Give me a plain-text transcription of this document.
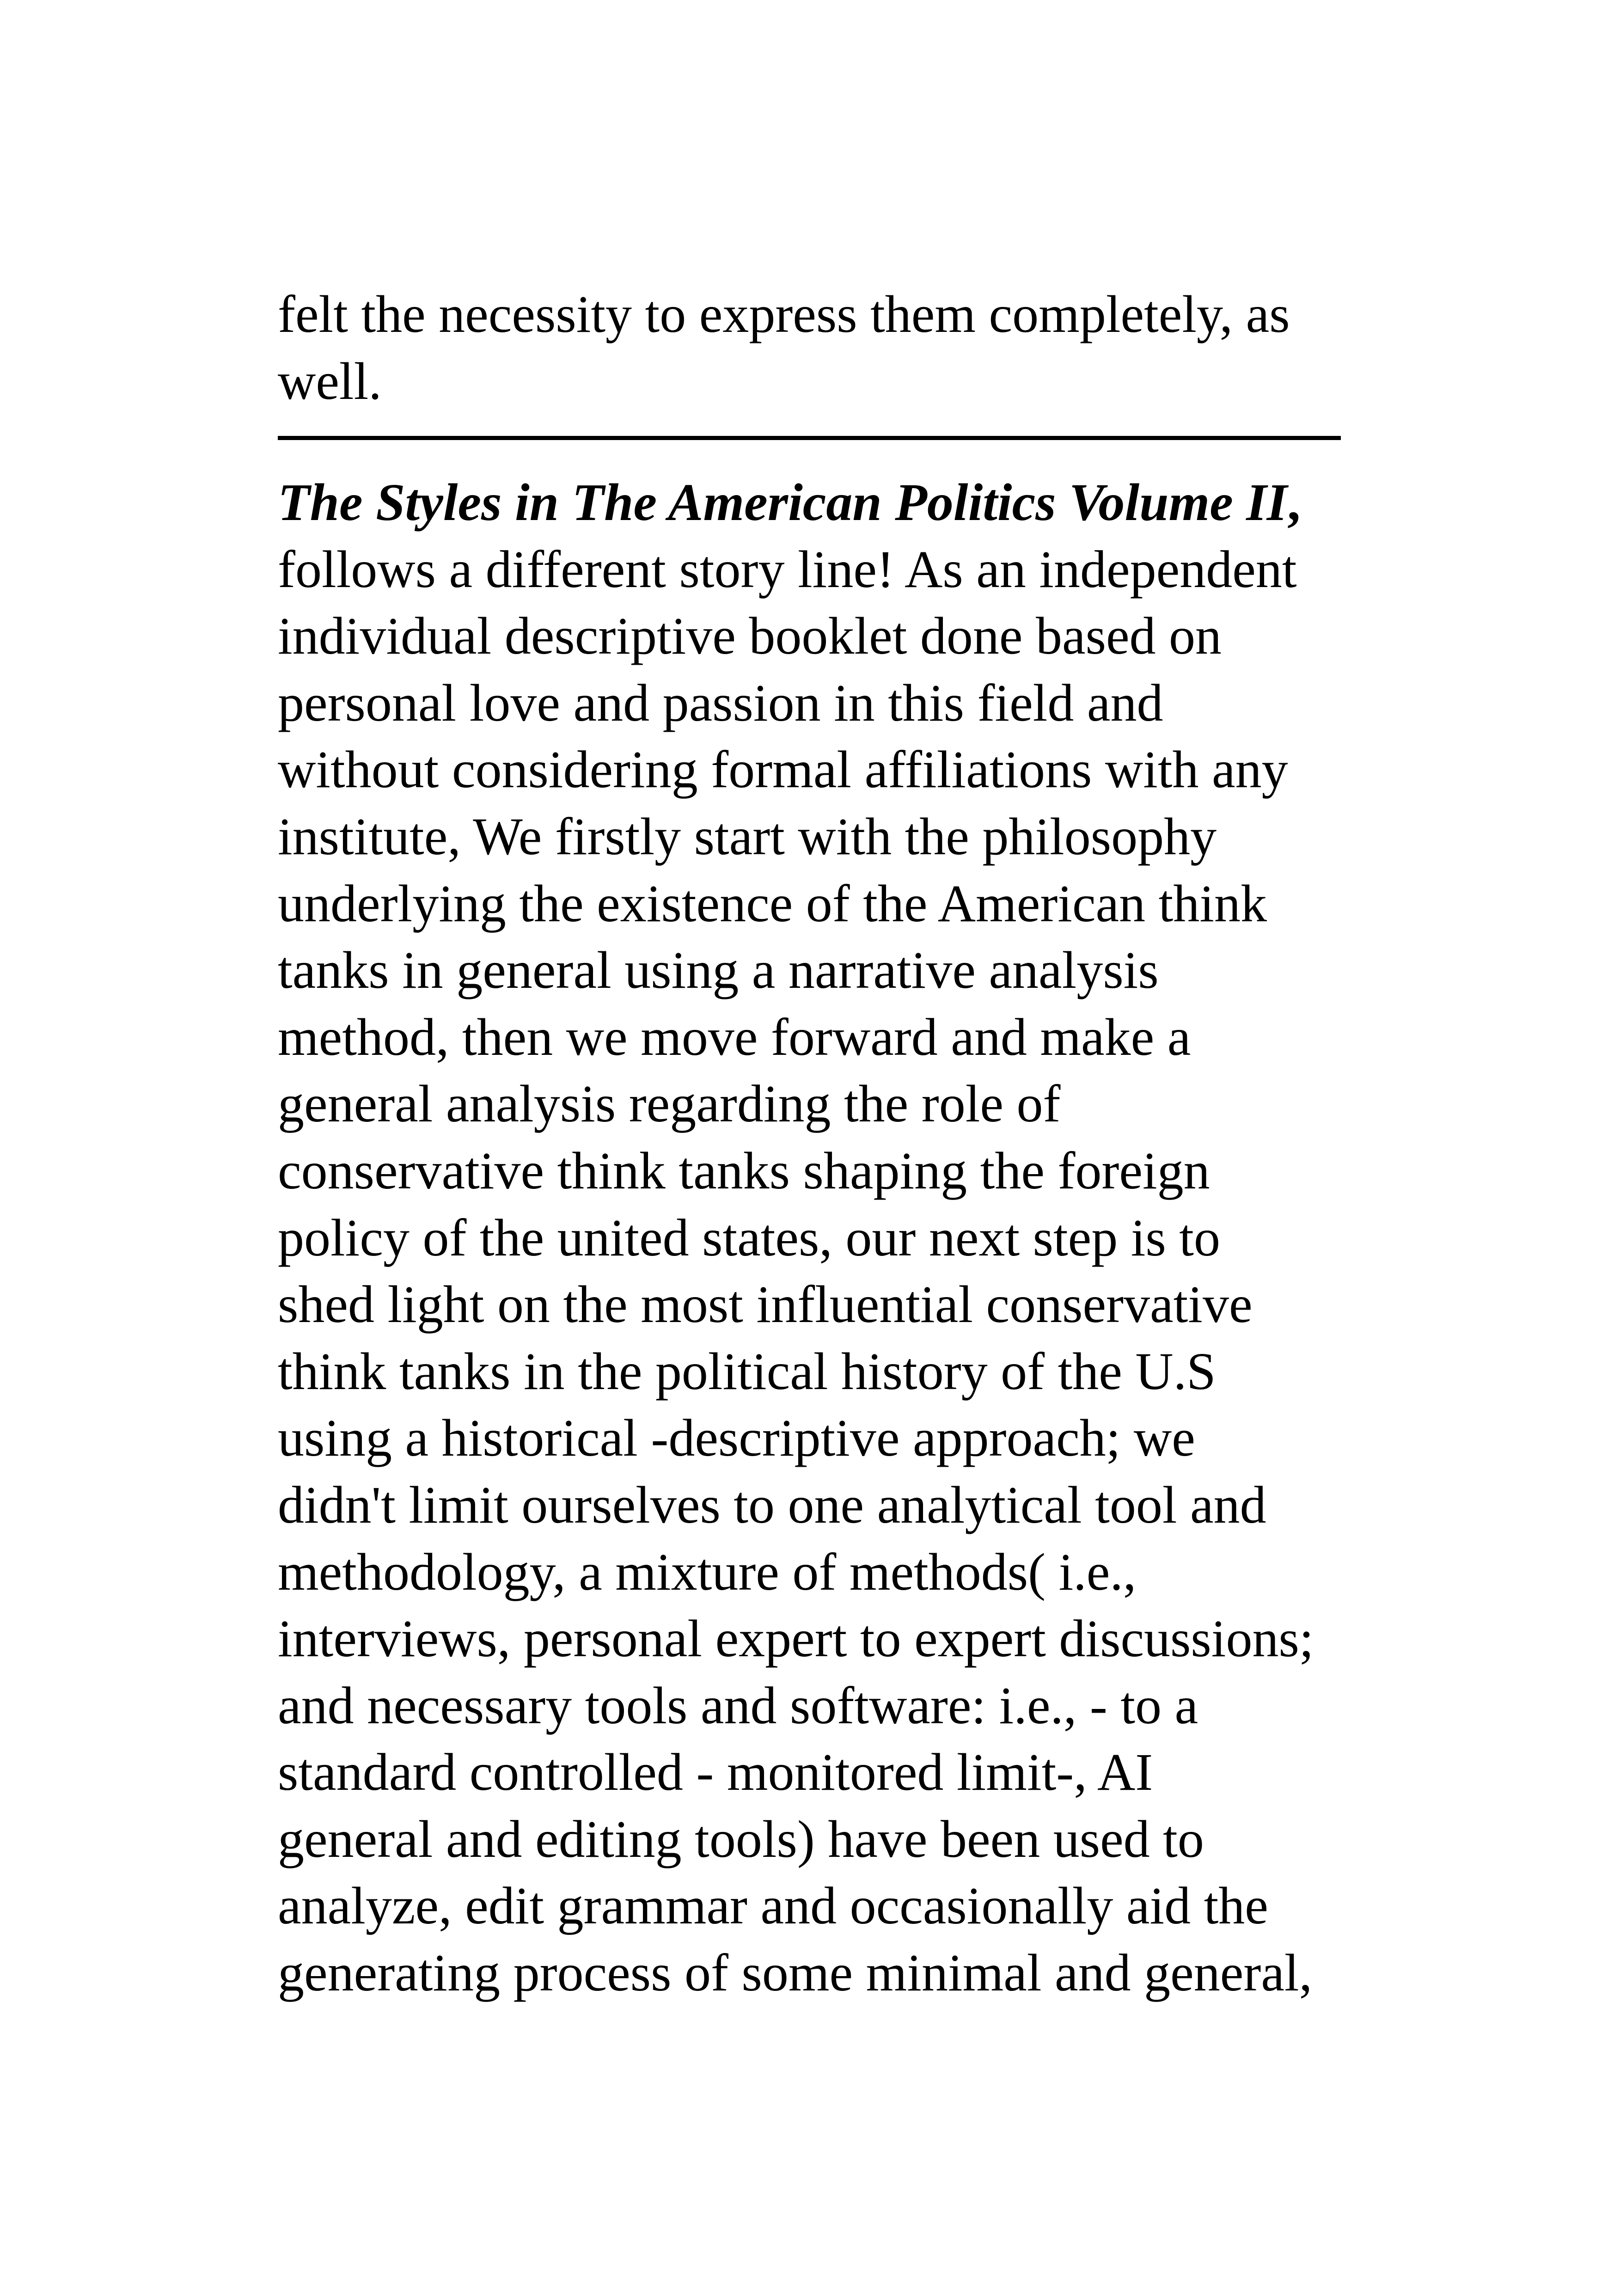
felt the necessity to express them completely, as
well.
The Styles in The American Politics Volume II,
follows a different story line! As an independent
individual descriptive booklet done based on
personal love and passion in this field and
without considering formal affiliations with any
institute, We firstly start with the philosophy
underlying the existence of the American think
tanks in general using a narrative analysis
method, then we move forward and make a
general analysis regarding the role of
conservative think tanks shaping the foreign
policy of the united states, our next step is to
shed light on the most influential conservative
think tanks in the political history of the U.S
using a historical -descriptive approach; we
didn't limit ourselves to one analytical tool and
methodology, a mixture of methods( i.e.,
interviews, personal expert to expert discussions;
and necessary tools and software: i.e., - to a
standard controlled - monitored limit-, AI
general and editing tools) have been used to
analyze, edit grammar and occasionally aid the
generating process of some minimal and general,
